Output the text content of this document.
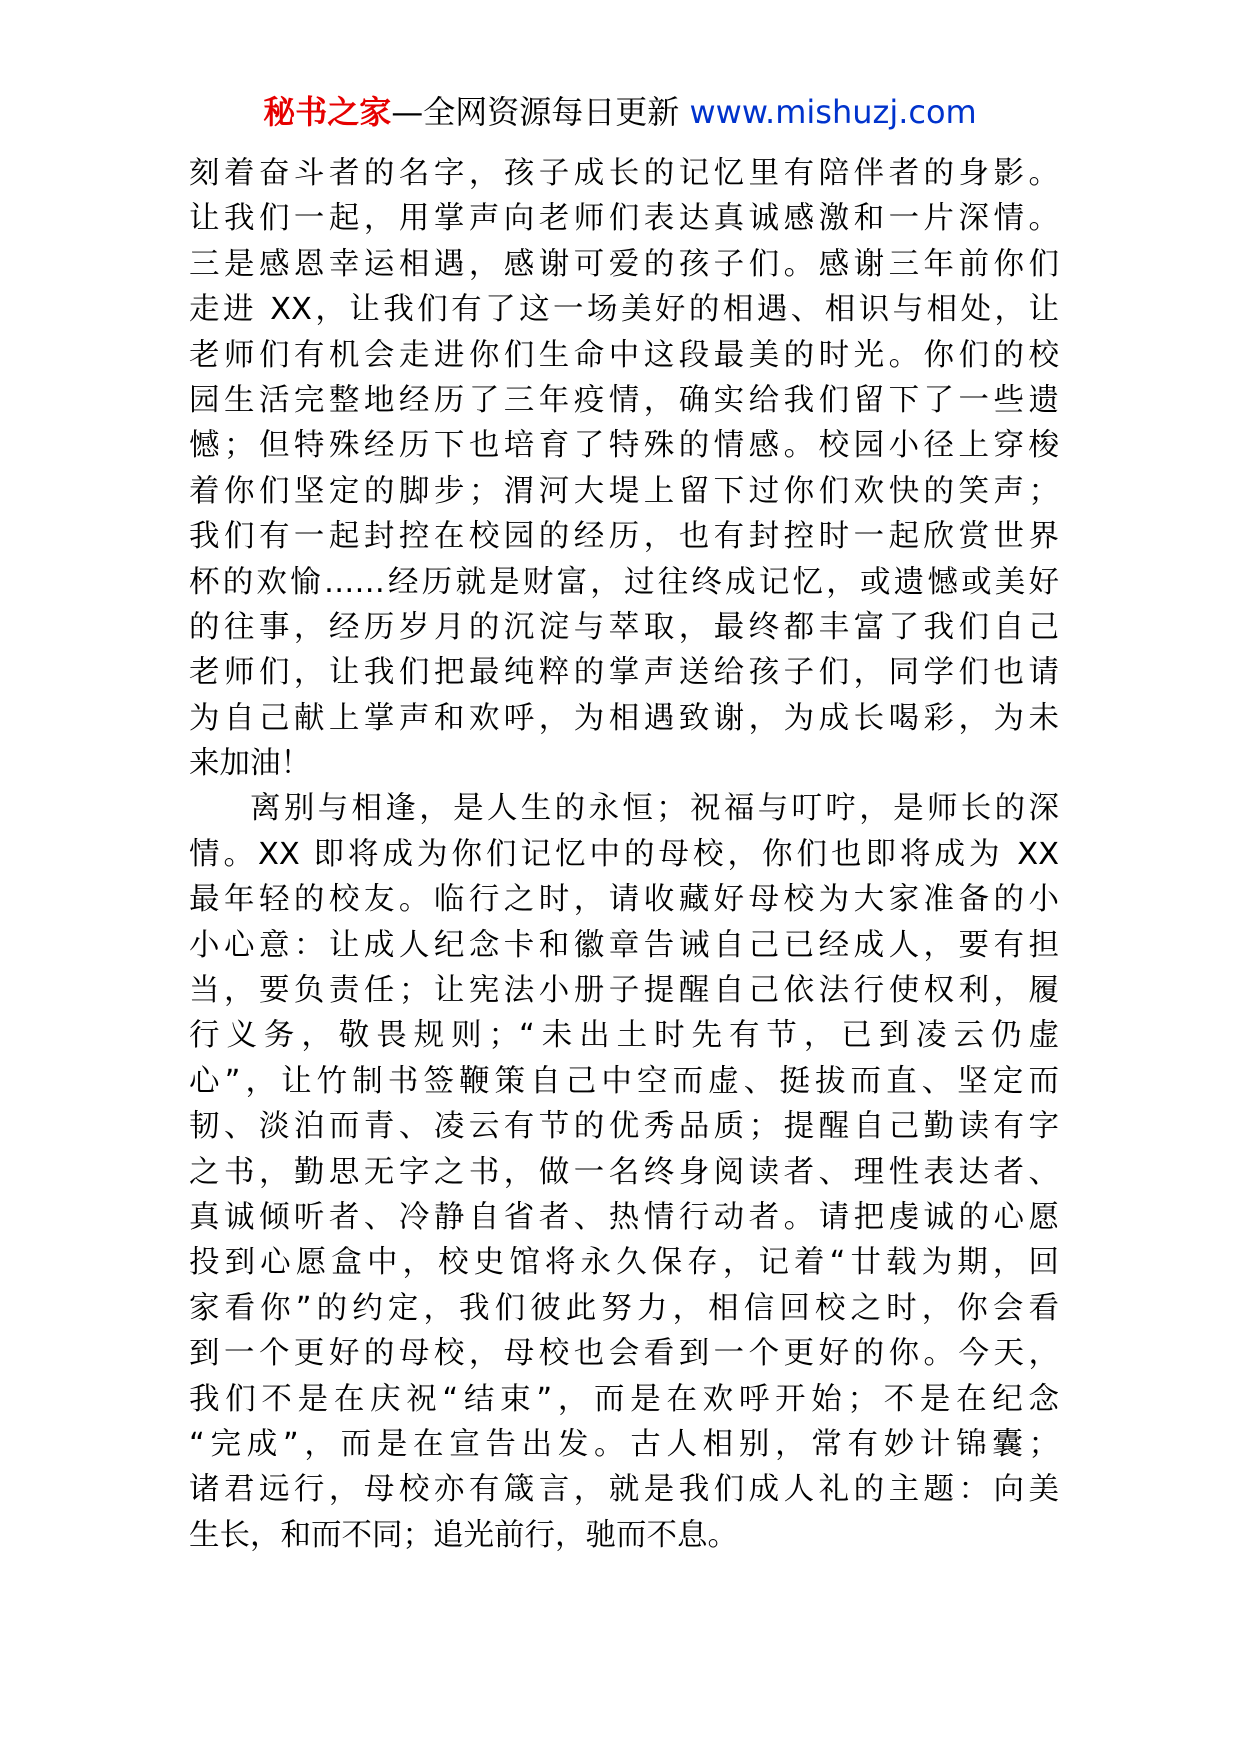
秘书之家—全网资源每日更新 www.mishuzj.com
刻着奋斗者的名字，孩子成长的记忆里有陪伴者的身影。
让我们一起，用掌声向老师们表达真诚感激和一片深情。
三是感恩幸运相遇，感谢可爱的孩子们。感谢三年前你们
走进 XX，让我们有了这一场美好的相遇、相识与相处，让
老师们有机会走进你们生命中这段最美的时光。你们的校
园生活完整地经历了三年疫情，确实给我们留下了一些遗
憾；但特殊经历下也培育了特殊的情感。校园小径上穿梭
着你们坚定的脚步；渭河大堤上留下过你们欢快的笑声；
我们有一起封控在校园的经历，也有封控时一起欣赏世界
杯的欢愉……经历就是财富，过往终成记忆，或遗憾或美好
的往事，经历岁月的沉淀与萃取，最终都丰富了我们自己
老师们，让我们把最纯粹的掌声送给孩子们，同学们也请
为自己献上掌声和欢呼，为相遇致谢，为成长喝彩，为未
来加油！
离别与相逢，是人生的永恒；祝福与叮咛，是师长的深
情。XX 即将成为你们记忆中的母校，你们也即将成为 XX
最年轻的校友。临行之时，请收藏好母校为大家准备的小
小心意：让成人纪念卡和徽章告诫自己已经成人，要有担
当，要负责任；让宪法小册子提醒自己依法行使权利，履
行义务，敬畏规则；“未出土时先有节，已到凌云仍虚
心”，让竹制书签鞭策自己中空而虚、挺拔而直、坚定而
韧、淡泊而青、凌云有节的优秀品质；提醒自己勤读有字
之书，勤思无字之书，做一名终身阅读者、理性表达者、
真诚倾听者、冷静自省者、热情行动者。请把虔诚的心愿
投到心愿盒中，校史馆将永久保存，记着“廿载为期，回
家看你”的约定，我们彼此努力，相信回校之时，你会看
到一个更好的母校，母校也会看到一个更好的你。今天，
我们不是在庆祝“结束”，而是在欢呼开始；不是在纪念
“完成”，而是在宣告出发。古人相别，常有妙计锦囊；
诸君远行，母校亦有箴言，就是我们成人礼的主题：向美
生长，和而不同；追光前行，驰而不息。
